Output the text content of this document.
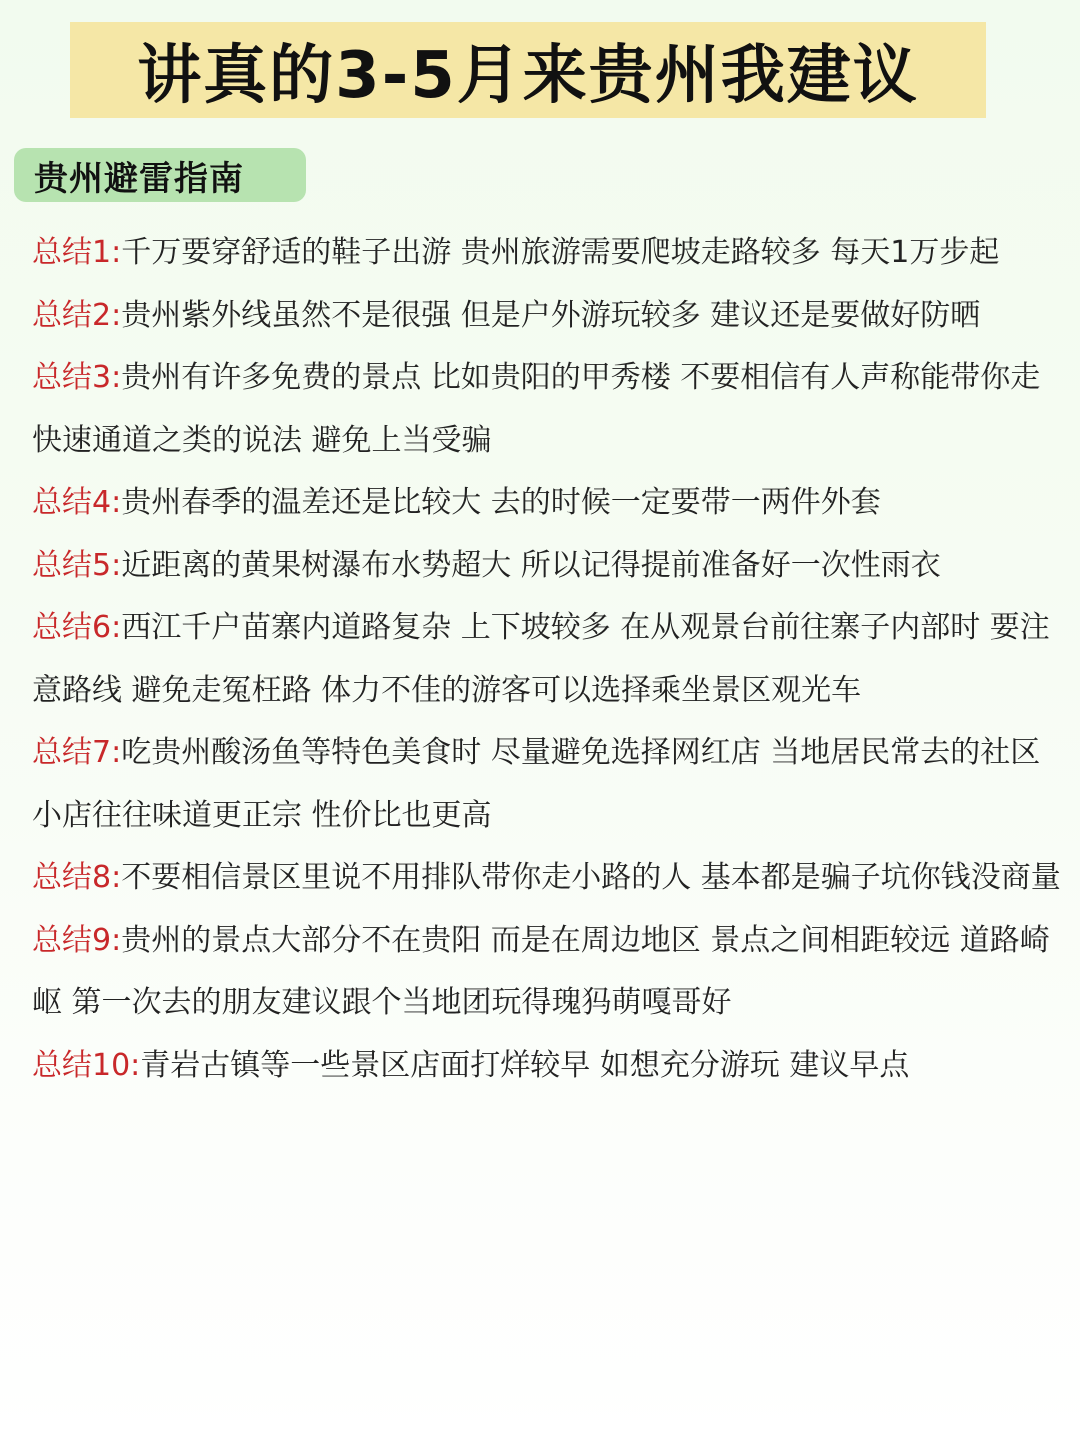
讲真的3-5月来贵州我建议
贵州避雷指南
总结1:千万要穿舒适的鞋子出游 贵州旅游需要爬坡走路较多 每天1万步起
总结2:贵州紫外线虽然不是很强 但是户外游玩较多 建议还是要做好防晒
总结3:贵州有许多免费的景点 比如贵阳的甲秀楼 不要相信有人声称能带你走快速通道之类的说法 避免上当受骗
总结4:贵州春季的温差还是比较大 去的时候一定要带一两件外套
总结5:近距离的黄果树瀑布水势超大 所以记得提前准备好一次性雨衣
总结6:西江千户苗寨内道路复杂 上下坡较多 在从观景台前往寨子内部时 要注意路线 避免走冤枉路 体力不佳的游客可以选择乘坐景区观光车
总结7:吃贵州酸汤鱼等特色美食时 尽量避免选择网红店 当地居民常去的社区小店往往味道更正宗 性价比也更高
总结8:不要相信景区里说不用排队带你走小路的人 基本都是骗子坑你钱没商量
总结9:贵州的景点大部分不在贵阳 而是在周边地区 景点之间相距较远 道路崎岖 第一次去的朋友建议跟个当地团玩得瑰犸萌嘎哥好
总结10:青岩古镇等一些景区店面打烊较早 如想充分游玩 建议早点
